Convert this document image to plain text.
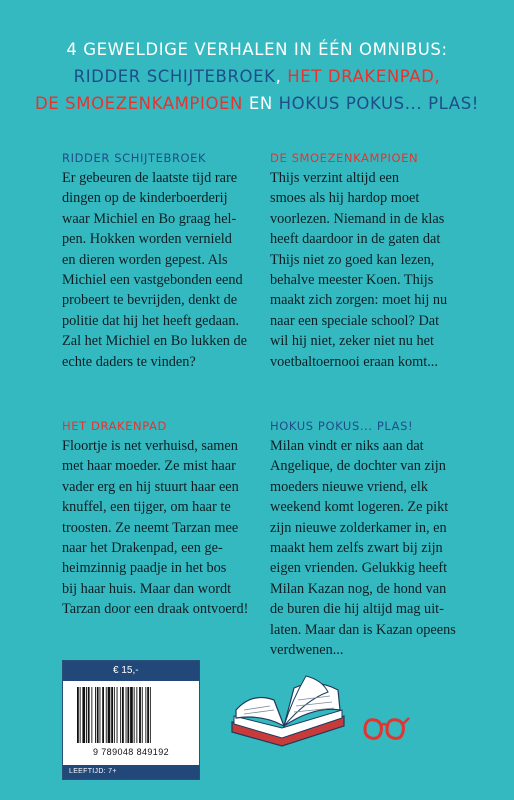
4 GEWELDIGE VERHALEN IN ÉÉN OMNIBUS:
RIDDER SCHIJTEBROEK, HET DRAKENPAD,
DE SMOEZENKAMPIOEN EN HOKUS POKUS... PLAS!
RIDDER SCHIJTEBROEK
Er gebeuren de laatste tijd rare
dingen op de kinderboerderij
waar Michiel en Bo graag hel-
pen. Hokken worden vernield
en dieren worden gepest. Als
Michiel een vastgebonden eend
probeert te bevrijden, denkt de
politie dat hij het heeft gedaan.
Zal het Michiel en Bo lukken de
echte daders te vinden?
DE SMOEZENKAMPIOEN
Thijs verzint altijd een
smoes als hij hardop moet
voorlezen. Niemand in de klas
heeft daardoor in de gaten dat
Thijs niet zo goed kan lezen,
behalve meester Koen. Thijs
maakt zich zorgen: moet hij nu
naar een speciale school? Dat
wil hij niet, zeker niet nu het
voetbaltoernooi eraan komt...
HET DRAKENPAD
Floortje is net verhuisd, samen
met haar moeder. Ze mist haar
vader erg en hij stuurt haar een
knuffel, een tijger, om haar te
troosten. Ze neemt Tarzan mee
naar het Drakenpad, een ge-
heimzinnig paadje in het bos
bij haar huis. Maar dan wordt
Tarzan door een draak ontvoerd!
HOKUS POKUS... PLAS!
Milan vindt er niks aan dat
Angelique, de dochter van zijn
moeders nieuwe vriend, elk
weekend komt logeren. Ze pikt
zijn nieuwe zolderkamer in, en
maakt hem zelfs zwart bij zijn
eigen vrienden. Gelukkig heeft
Milan Kazan nog, de hond van
de buren die hij altijd mag uit-
laten. Maar dan is Kazan opeens
verdwenen...
€ 15,-
9 789048 849192
LEEFTIJD: 7+
